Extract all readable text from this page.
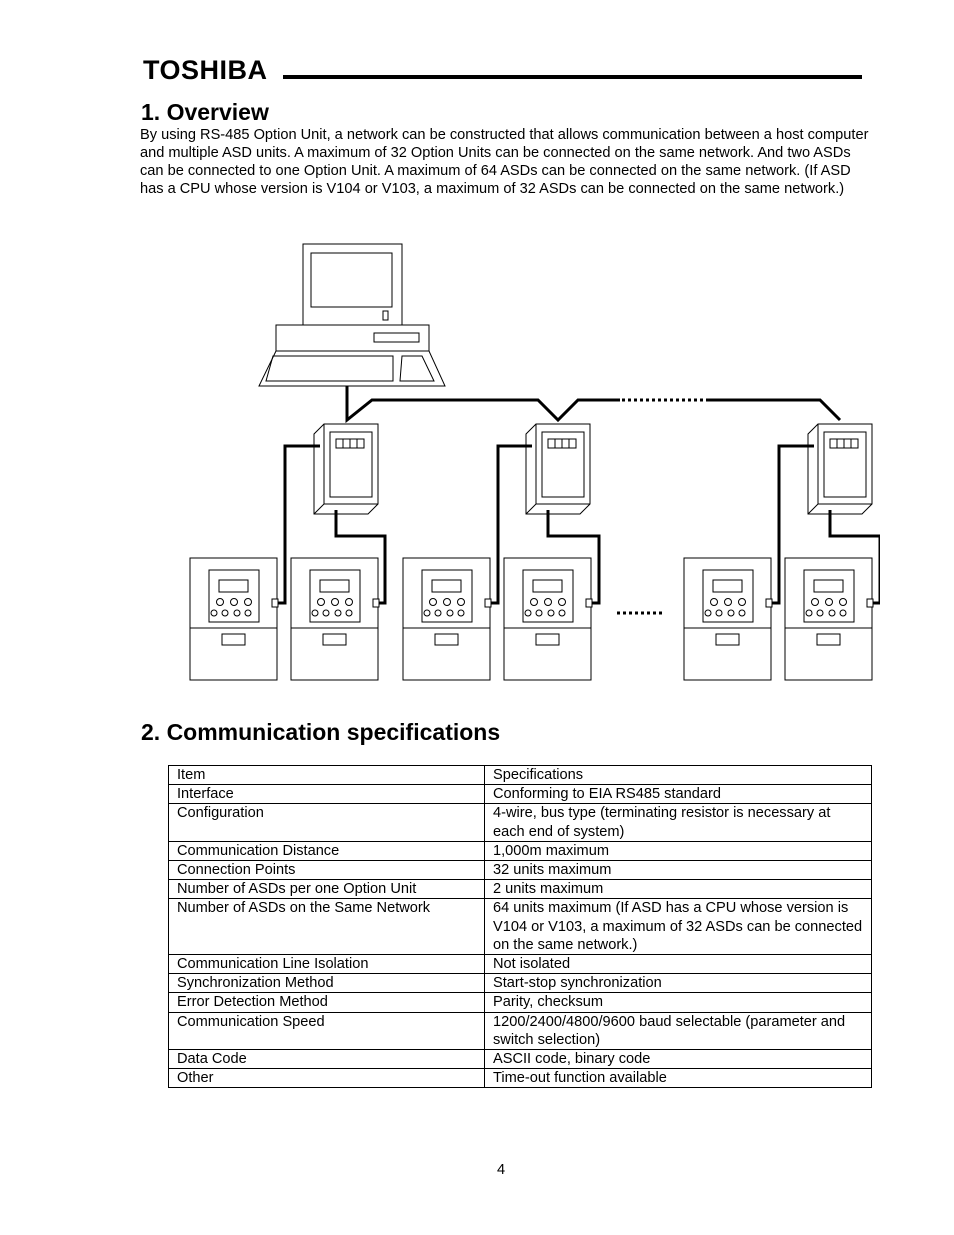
TOSHIBA
1. Overview

By using RS-485 Option Unit, a network can be constructed that allows communication between a host computer and multiple ASD units. A maximum of 32 Option Units can be connected on the same network. And two ASDs can be connected to one Option Unit. A maximum of 64 ASDs can be connected on the same network. (If ASD has a CPU whose version is V104 or V103, a maximum of 32 ASDs can be connected on the same network.)

2. Communication specifications
Item	Specifications
Interface	Conforming to EIA RS485 standard
Configuration	4-wire, bus type (terminating resistor is necessary at each end of system)
Communication Distance	1,000m maximum
Connection Points	32 units maximum
Number of ASDs per one Option Unit	2 units maximum
Number of ASDs on the Same Network	64 units maximum (If ASD has a CPU whose version is V104 or V103, a maximum of 32 ASDs can be connected on the same network.)
Communication Line Isolation	Not isolated
Synchronization Method	Start-stop synchronization
Error Detection Method	Parity, checksum
Communication Speed	1200/2400/4800/9600 baud selectable (parameter and switch selection)
Data Code	ASCII code, binary code
Other	Time-out function available
4
